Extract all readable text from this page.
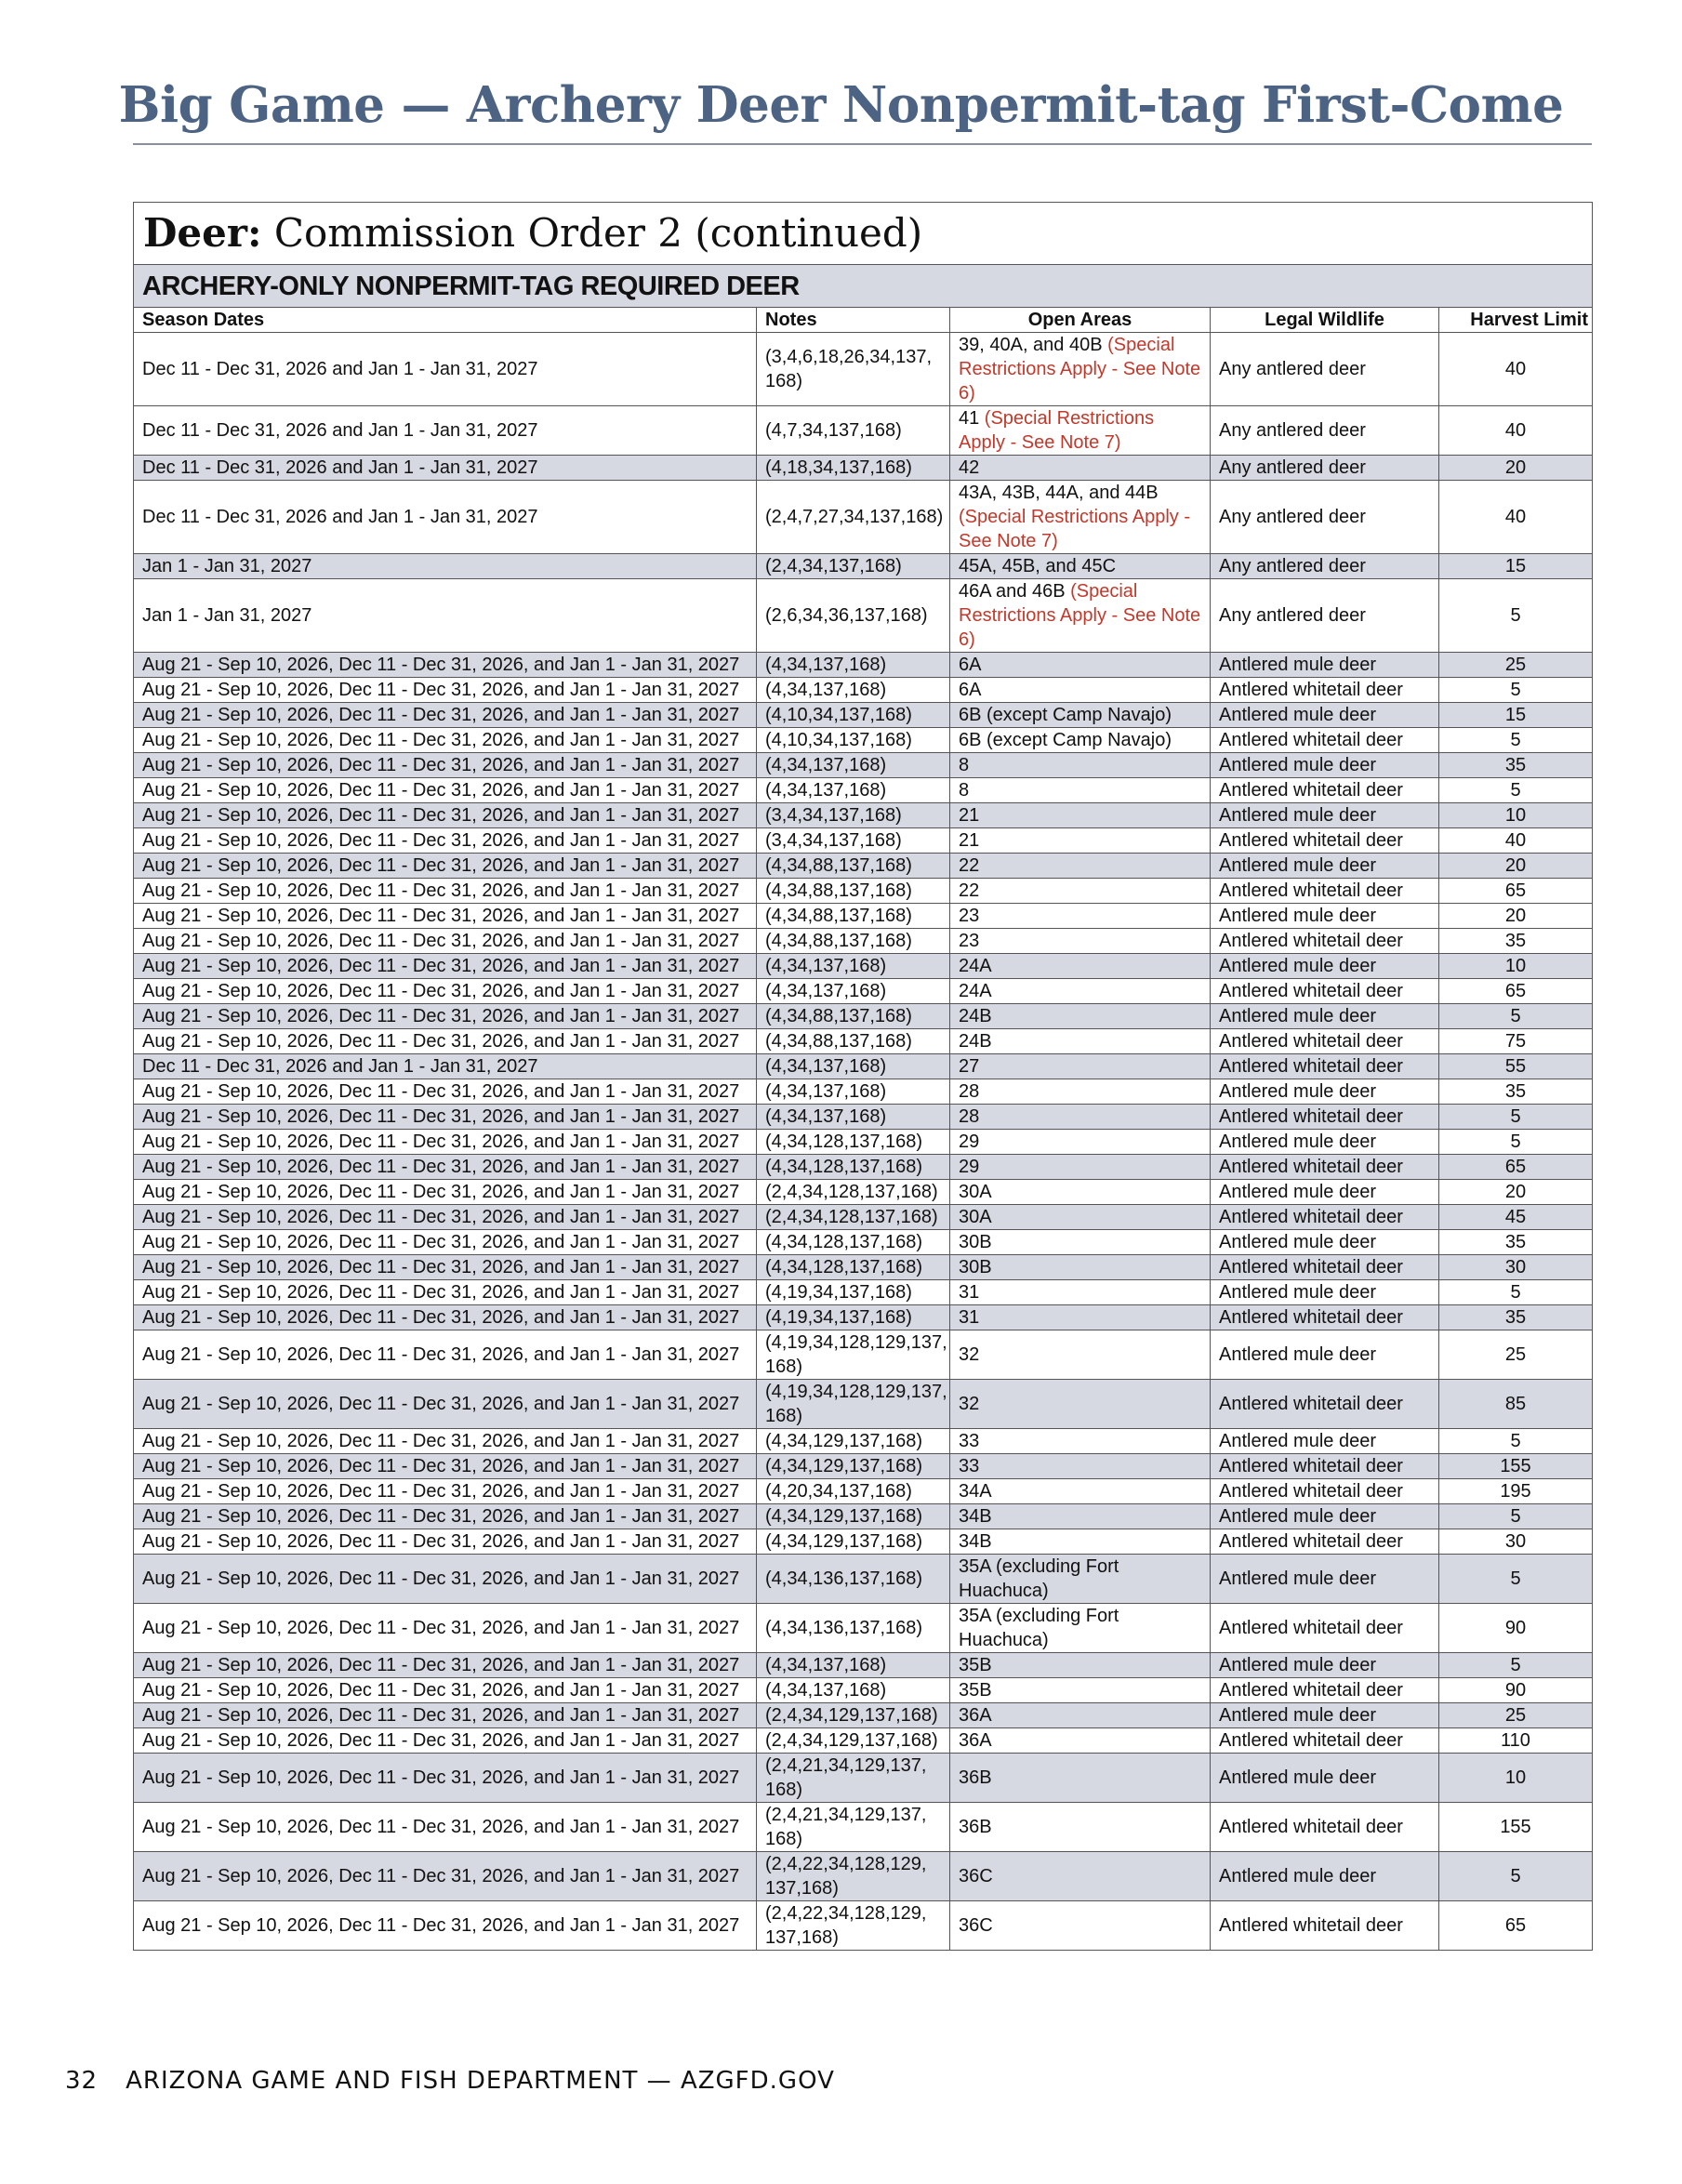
Big Game — Archery Deer Nonpermit-tag First-Come
Deer: Commission Order 2 (continued)				
ARCHERY-ONLY NONPERMIT-TAG REQUIRED DEER				
Season Dates	Notes	Open Areas	Legal Wildlife	Harvest Limit
Dec 11 - Dec 31, 2026 and Jan 1 - Jan 31, 2027	(3,4,6,18,26,34,137, 168)	39, 40A, and 40B (Special Restrictions Apply - See Note 6)	Any antlered deer	40
Dec 11 - Dec 31, 2026 and Jan 1 - Jan 31, 2027	(4,7,34,137,168)	41 (Special Restrictions Apply - See Note 7)	Any antlered deer	40
Dec 11 - Dec 31, 2026 and Jan 1 - Jan 31, 2027	(4,18,34,137,168)	42	Any antlered deer	20
Dec 11 - Dec 31, 2026 and Jan 1 - Jan 31, 2027	(2,4,7,27,34,137,168)	43A, 43B, 44A, and 44B (Special Restrictions Apply - See Note 7)	Any antlered deer	40
Jan 1 - Jan 31, 2027	(2,4,34,137,168)	45A, 45B, and 45C	Any antlered deer	15
Jan 1 - Jan 31, 2027	(2,6,34,36,137,168)	46A and 46B (Special Restrictions Apply - See Note 6)	Any antlered deer	5
Aug 21 - Sep 10, 2026, Dec 11 - Dec 31, 2026, and Jan 1 - Jan 31, 2027	(4,34,137,168)	6A	Antlered mule deer	25
Aug 21 - Sep 10, 2026, Dec 11 - Dec 31, 2026, and Jan 1 - Jan 31, 2027	(4,34,137,168)	6A	Antlered whitetail deer	5
Aug 21 - Sep 10, 2026, Dec 11 - Dec 31, 2026, and Jan 1 - Jan 31, 2027	(4,10,34,137,168)	6B (except Camp Navajo)	Antlered mule deer	15
Aug 21 - Sep 10, 2026, Dec 11 - Dec 31, 2026, and Jan 1 - Jan 31, 2027	(4,10,34,137,168)	6B (except Camp Navajo)	Antlered whitetail deer	5
Aug 21 - Sep 10, 2026, Dec 11 - Dec 31, 2026, and Jan 1 - Jan 31, 2027	(4,34,137,168)	8	Antlered mule deer	35
Aug 21 - Sep 10, 2026, Dec 11 - Dec 31, 2026, and Jan 1 - Jan 31, 2027	(4,34,137,168)	8	Antlered whitetail deer	5
Aug 21 - Sep 10, 2026, Dec 11 - Dec 31, 2026, and Jan 1 - Jan 31, 2027	(3,4,34,137,168)	21	Antlered mule deer	10
Aug 21 - Sep 10, 2026, Dec 11 - Dec 31, 2026, and Jan 1 - Jan 31, 2027	(3,4,34,137,168)	21	Antlered whitetail deer	40
Aug 21 - Sep 10, 2026, Dec 11 - Dec 31, 2026, and Jan 1 - Jan 31, 2027	(4,34,88,137,168)	22	Antlered mule deer	20
Aug 21 - Sep 10, 2026, Dec 11 - Dec 31, 2026, and Jan 1 - Jan 31, 2027	(4,34,88,137,168)	22	Antlered whitetail deer	65
Aug 21 - Sep 10, 2026, Dec 11 - Dec 31, 2026, and Jan 1 - Jan 31, 2027	(4,34,88,137,168)	23	Antlered mule deer	20
Aug 21 - Sep 10, 2026, Dec 11 - Dec 31, 2026, and Jan 1 - Jan 31, 2027	(4,34,88,137,168)	23	Antlered whitetail deer	35
Aug 21 - Sep 10, 2026, Dec 11 - Dec 31, 2026, and Jan 1 - Jan 31, 2027	(4,34,137,168)	24A	Antlered mule deer	10
Aug 21 - Sep 10, 2026, Dec 11 - Dec 31, 2026, and Jan 1 - Jan 31, 2027	(4,34,137,168)	24A	Antlered whitetail deer	65
Aug 21 - Sep 10, 2026, Dec 11 - Dec 31, 2026, and Jan 1 - Jan 31, 2027	(4,34,88,137,168)	24B	Antlered mule deer	5
Aug 21 - Sep 10, 2026, Dec 11 - Dec 31, 2026, and Jan 1 - Jan 31, 2027	(4,34,88,137,168)	24B	Antlered whitetail deer	75
Dec 11 - Dec 31, 2026 and Jan 1 - Jan 31, 2027	(4,34,137,168)	27	Antlered whitetail deer	55
Aug 21 - Sep 10, 2026, Dec 11 - Dec 31, 2026, and Jan 1 - Jan 31, 2027	(4,34,137,168)	28	Antlered mule deer	35
Aug 21 - Sep 10, 2026, Dec 11 - Dec 31, 2026, and Jan 1 - Jan 31, 2027	(4,34,137,168)	28	Antlered whitetail deer	5
Aug 21 - Sep 10, 2026, Dec 11 - Dec 31, 2026, and Jan 1 - Jan 31, 2027	(4,34,128,137,168)	29	Antlered mule deer	5
Aug 21 - Sep 10, 2026, Dec 11 - Dec 31, 2026, and Jan 1 - Jan 31, 2027	(4,34,128,137,168)	29	Antlered whitetail deer	65
Aug 21 - Sep 10, 2026, Dec 11 - Dec 31, 2026, and Jan 1 - Jan 31, 2027	(2,4,34,128,137,168)	30A	Antlered mule deer	20
Aug 21 - Sep 10, 2026, Dec 11 - Dec 31, 2026, and Jan 1 - Jan 31, 2027	(2,4,34,128,137,168)	30A	Antlered whitetail deer	45
Aug 21 - Sep 10, 2026, Dec 11 - Dec 31, 2026, and Jan 1 - Jan 31, 2027	(4,34,128,137,168)	30B	Antlered mule deer	35
Aug 21 - Sep 10, 2026, Dec 11 - Dec 31, 2026, and Jan 1 - Jan 31, 2027	(4,34,128,137,168)	30B	Antlered whitetail deer	30
Aug 21 - Sep 10, 2026, Dec 11 - Dec 31, 2026, and Jan 1 - Jan 31, 2027	(4,19,34,137,168)	31	Antlered mule deer	5
Aug 21 - Sep 10, 2026, Dec 11 - Dec 31, 2026, and Jan 1 - Jan 31, 2027	(4,19,34,137,168)	31	Antlered whitetail deer	35
Aug 21 - Sep 10, 2026, Dec 11 - Dec 31, 2026, and Jan 1 - Jan 31, 2027	(4,19,34,128,129,137, 168)	32	Antlered mule deer	25
Aug 21 - Sep 10, 2026, Dec 11 - Dec 31, 2026, and Jan 1 - Jan 31, 2027	(4,19,34,128,129,137, 168)	32	Antlered whitetail deer	85
Aug 21 - Sep 10, 2026, Dec 11 - Dec 31, 2026, and Jan 1 - Jan 31, 2027	(4,34,129,137,168)	33	Antlered mule deer	5
Aug 21 - Sep 10, 2026, Dec 11 - Dec 31, 2026, and Jan 1 - Jan 31, 2027	(4,34,129,137,168)	33	Antlered whitetail deer	155
Aug 21 - Sep 10, 2026, Dec 11 - Dec 31, 2026, and Jan 1 - Jan 31, 2027	(4,20,34,137,168)	34A	Antlered whitetail deer	195
Aug 21 - Sep 10, 2026, Dec 11 - Dec 31, 2026, and Jan 1 - Jan 31, 2027	(4,34,129,137,168)	34B	Antlered mule deer	5
Aug 21 - Sep 10, 2026, Dec 11 - Dec 31, 2026, and Jan 1 - Jan 31, 2027	(4,34,129,137,168)	34B	Antlered whitetail deer	30
Aug 21 - Sep 10, 2026, Dec 11 - Dec 31, 2026, and Jan 1 - Jan 31, 2027	(4,34,136,137,168)	35A (excluding Fort Huachuca)	Antlered mule deer	5
Aug 21 - Sep 10, 2026, Dec 11 - Dec 31, 2026, and Jan 1 - Jan 31, 2027	(4,34,136,137,168)	35A (excluding Fort Huachuca)	Antlered whitetail deer	90
Aug 21 - Sep 10, 2026, Dec 11 - Dec 31, 2026, and Jan 1 - Jan 31, 2027	(4,34,137,168)	35B	Antlered mule deer	5
Aug 21 - Sep 10, 2026, Dec 11 - Dec 31, 2026, and Jan 1 - Jan 31, 2027	(4,34,137,168)	35B	Antlered whitetail deer	90
Aug 21 - Sep 10, 2026, Dec 11 - Dec 31, 2026, and Jan 1 - Jan 31, 2027	(2,4,34,129,137,168)	36A	Antlered mule deer	25
Aug 21 - Sep 10, 2026, Dec 11 - Dec 31, 2026, and Jan 1 - Jan 31, 2027	(2,4,34,129,137,168)	36A	Antlered whitetail deer	110
Aug 21 - Sep 10, 2026, Dec 11 - Dec 31, 2026, and Jan 1 - Jan 31, 2027	(2,4,21,34,129,137, 168)	36B	Antlered mule deer	10
Aug 21 - Sep 10, 2026, Dec 11 - Dec 31, 2026, and Jan 1 - Jan 31, 2027	(2,4,21,34,129,137, 168)	36B	Antlered whitetail deer	155
Aug 21 - Sep 10, 2026, Dec 11 - Dec 31, 2026, and Jan 1 - Jan 31, 2027	(2,4,22,34,128,129, 137,168)	36C	Antlered mule deer	5
Aug 21 - Sep 10, 2026, Dec 11 - Dec 31, 2026, and Jan 1 - Jan 31, 2027	(2,4,22,34,128,129, 137,168)	36C	Antlered whitetail deer	65
32 ARIZONA GAME AND FISH DEPARTMENT — AZGFD.GOV
